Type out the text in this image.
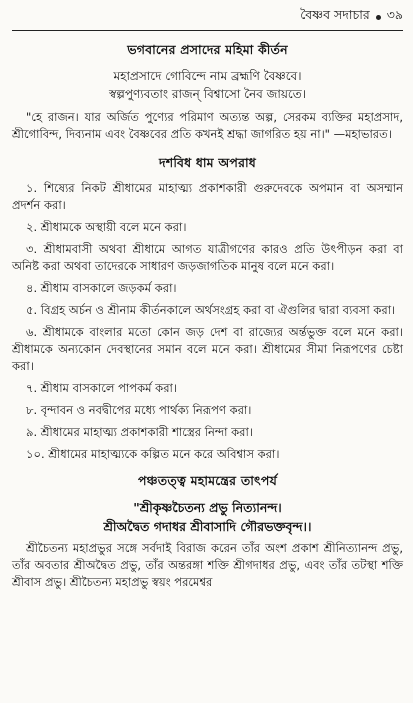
বৈষ্ণব সদাচার ৩৯
ভগবানের প্রসাদের মহিমা কীর্তন
মহাপ্রসাদে গোবিন্দে নাম ব্রহ্মণি বৈষ্ণবে।
স্বল্পপুণ্যবতাং রাজন্ বিশ্বাসো নৈব জায়তে।

"হে রাজন। যার অর্জিত পুণ্যের পরিমাণ অত্যন্ত অল্প, সেরকম ব্যক্তির মহাপ্রসাদ, শ্রীগোবিন্দ, দিব্যনাম এবং বৈষ্ণবের প্রতি কখনই শ্রদ্ধা জাগরিত হয় না।" —মহাভারত।

দশবিধ ধাম অপরাধ

১. শিষ্যের নিকট শ্রীধামের মাহাত্ম্য প্রকাশকারী গুরুদেবকে অপমান বা অসম্মান প্রদর্শন করা।

২. শ্রীধামকে অস্থায়ী বলে মনে করা।

৩. শ্রীধামবাসী অথবা শ্রীধামে আগত যাত্রীগণের কারও প্রতি উৎপীড়ন করা বা অনিষ্ট করা অথবা তাদেরকে সাধারণ জড়জাগতিক মানুষ বলে মনে করা।

৪. শ্রীধাম বাসকালে জড়কর্ম করা।

৫. বিগ্রহ অর্চন ও শ্রীনাম কীর্তনকালে অর্থসংগ্রহ করা বা ঐগুলির দ্বারা ব্যবসা করা।

৬. শ্রীধামকে বাংলার মতো কোন জড় দেশ বা রাজ্যের অর্ন্তভুক্ত বলে মনে করা। শ্রীধামকে অন্যকোন দেবস্থানের সমান বলে মনে করা। শ্রীধামের সীমা নিরূপণের চেষ্টা করা।

৭. শ্রীধাম বাসকালে পাপকর্ম করা।

৮. বৃন্দাবন ও নবদ্বীপের মধ্যে পার্থক্য নিরূপণ করা।

৯. শ্রীধামের মাহাত্ম্য প্রকাশকারী শাস্ত্রের নিন্দা করা।

১০. শ্রীধামের মাহাত্ম্যকে কল্পিত মনে করে অবিশ্বাস করা।

পঞ্চতত্ত্ব মহামন্ত্রের তাৎপর্য
"শ্রীকৃষ্ণচৈতন্য প্রভু নিত্যানন্দ।
শ্রীঅদ্বৈত গদাধর শ্রীবাসাদি গৌরভক্তবৃন্দ।।

শ্রীচৈতন্য মহাপ্রভুর সঙ্গে সর্বদাই বিরাজ করেন তাঁর অংশ প্রকাশ শ্রীনিত্যানন্দ প্রভু, তাঁর অবতার শ্রীঅদ্বৈত প্রভু, তাঁর অন্তরঙ্গা শক্তি শ্রীগদাধর প্রভু, এবং তাঁর তটস্থা শক্তি শ্রীবাস প্রভু। শ্রীচৈতন্য মহাপ্রভু স্বয়ং পরমেশ্বর
